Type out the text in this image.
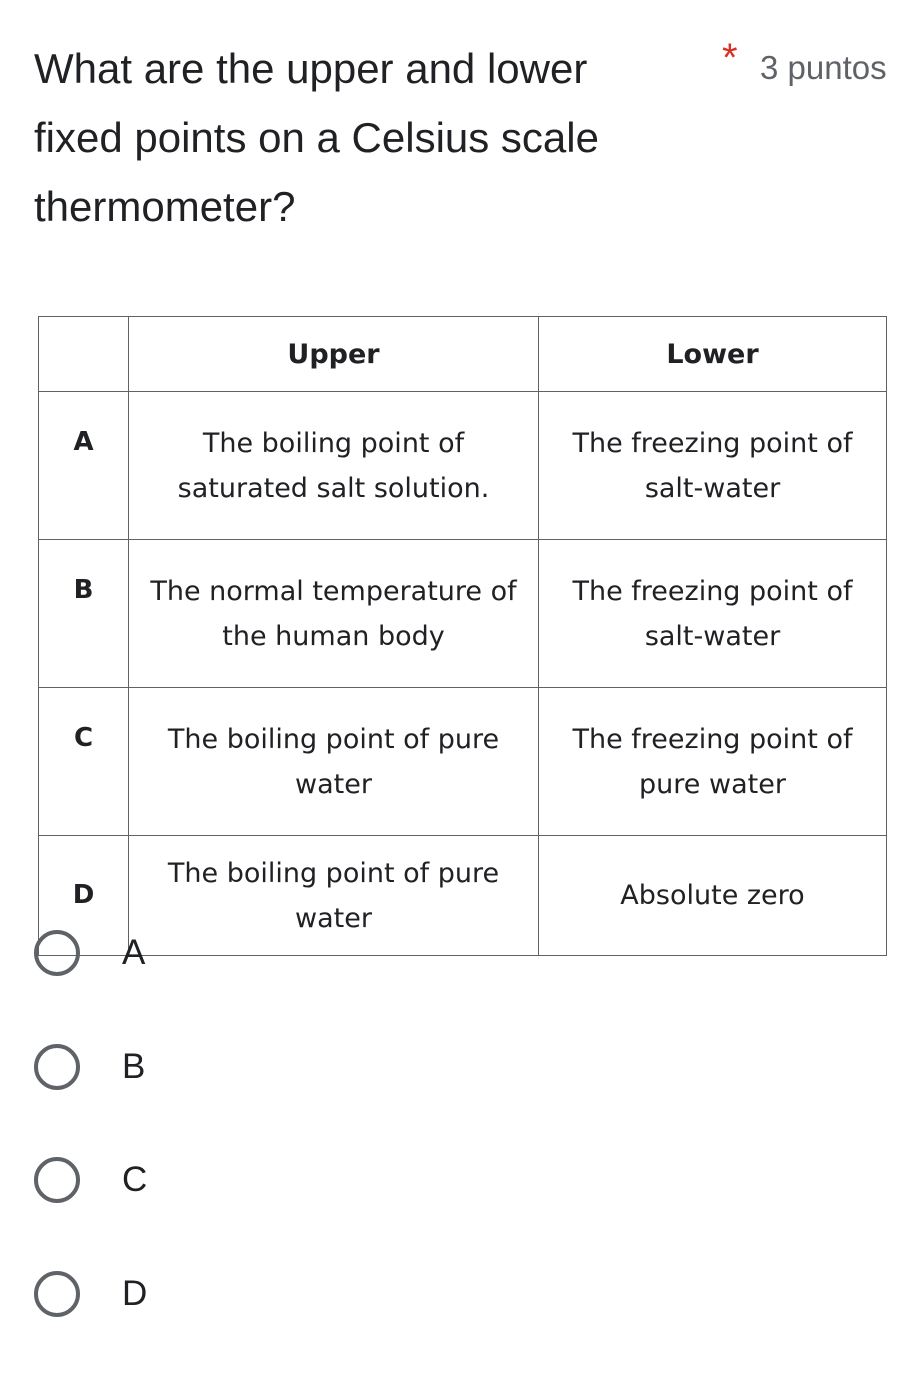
What are the upper and lower fixed points on a Celsius scale thermometer?
* 3 puntos
	Upper	Lower
A	The boiling point of saturated salt solution.	The freezing point of salt-water
B	The normal temperature of the human body	The freezing point of salt-water
C	The boiling point of pure water	The freezing point of pure water
D	The boiling point of pure water	Absolute zero
A
B
C
D
